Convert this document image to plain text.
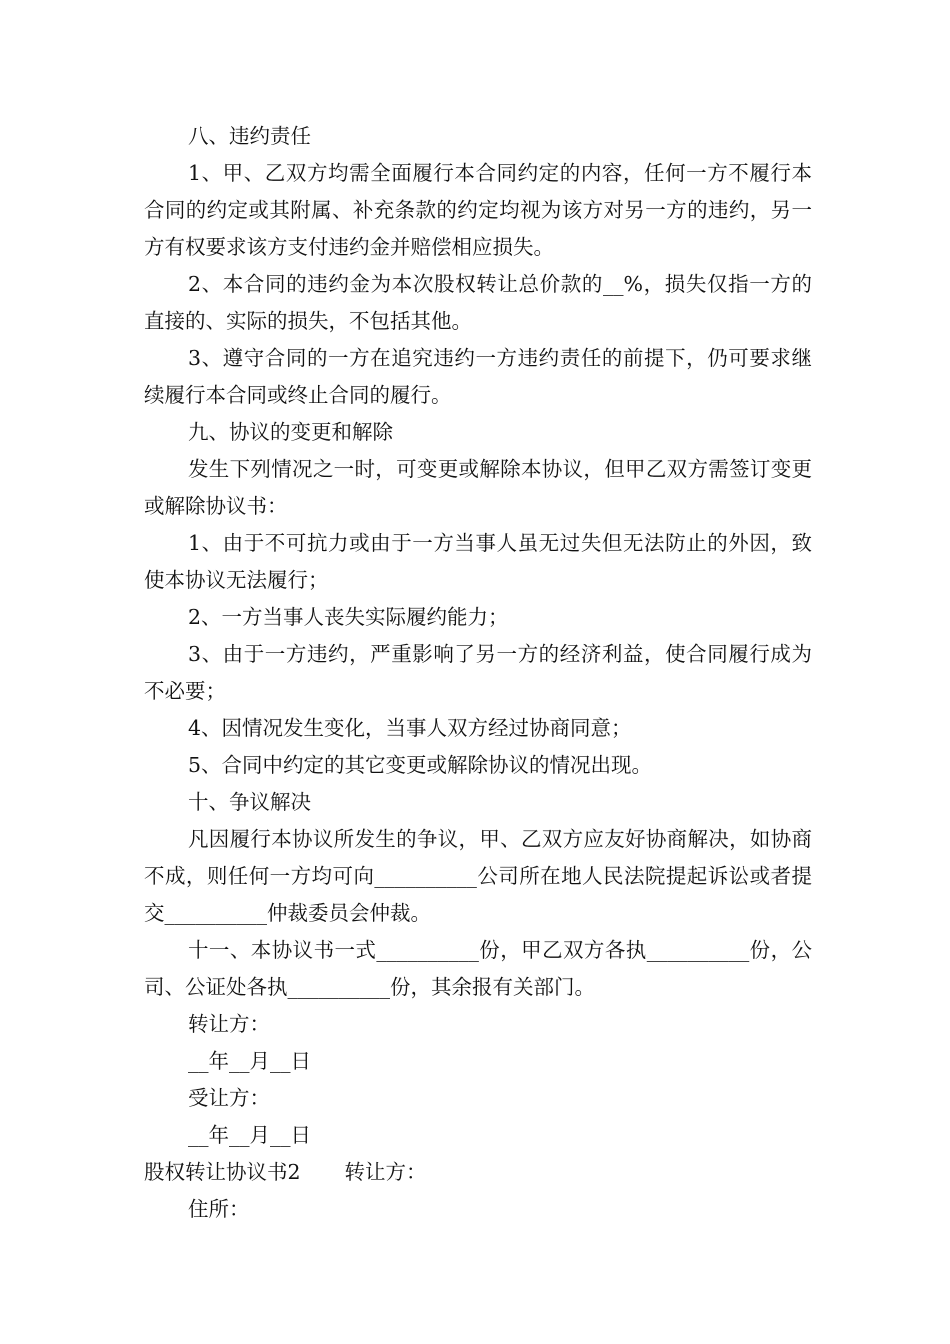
八、违约责任

1、甲、乙双方均需全面履行本合同约定的内容，任何一方不履行本合同的约定或其附属、补充条款的约定均视为该方对另一方的违约，另一方有权要求该方支付违约金并赔偿相应损失。

2、本合同的违约金为本次股权转让总价款的__%，损失仅指一方的直接的、实际的损失，不包括其他。

3、遵守合同的一方在追究违约一方违约责任的前提下，仍可要求继续履行本合同或终止合同的履行。

九、协议的变更和解除

发生下列情况之一时，可变更或解除本协议，但甲乙双方需签订变更或解除协议书：

1、由于不可抗力或由于一方当事人虽无过失但无法防止的外因，致使本协议无法履行；

2、一方当事人丧失实际履约能力；

3、由于一方违约，严重影响了另一方的经济利益，使合同履行成为不必要；

4、因情况发生变化，当事人双方经过协商同意；

5、合同中约定的其它变更或解除协议的情况出现。

十、争议解决

凡因履行本协议所发生的争议，甲、乙双方应友好协商解决，如协商不成，则任何一方均可向__________公司所在地人民法院提起诉讼或者提交__________仲裁委员会仲裁。

十一、本协议书一式__________份，甲乙双方各执__________份，公司、公证处各执__________份，其余报有关部门。

转让方：

__年__月__日

受让方：

__年__月__日

股权转让协议书2 转让方：

住所：
